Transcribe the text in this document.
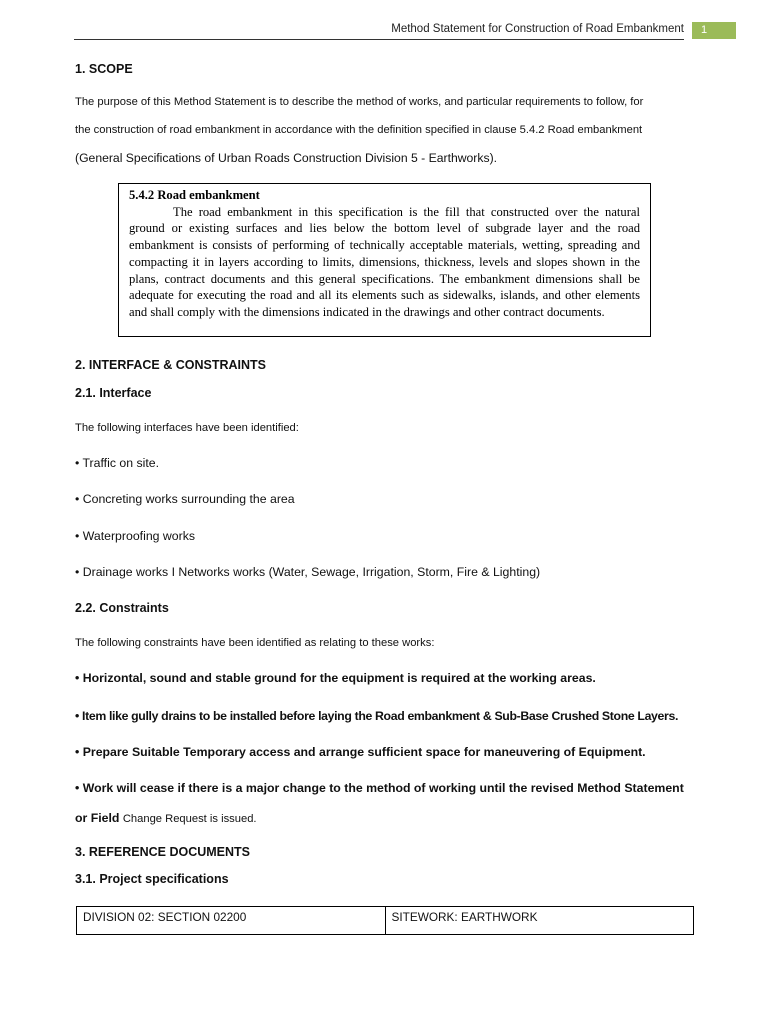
Method Statement for Construction of Road Embankment	1
1. SCOPE
The purpose of this Method Statement is to describe the method of works, and particular requirements to follow, for
the construction of road embankment in accordance with the definition specified in clause 5.4.2 Road embankment
(General Specifications of Urban Roads Construction Division 5 - Earthworks).
5.4.2 Road embankment
The road embankment in this specification is the fill that constructed over the natural ground or existing surfaces and lies below the bottom level of subgrade layer and the road embankment is consists of performing of technically acceptable materials, wetting, spreading and compacting it in layers according to limits, dimensions, thickness, levels and slopes shown in the plans, contract documents and this general specifications. The embankment dimensions shall be adequate for executing the road and all its elements such as sidewalks, islands, and other elements and shall comply with the dimensions indicated in the drawings and other contract documents.
2. INTERFACE & CONSTRAINTS
2.1. Interface
The following interfaces have been identified:
• Traffic on site.
• Concreting works surrounding the area
• Waterproofing works
• Drainage works I Networks works (Water, Sewage, Irrigation, Storm, Fire & Lighting)
2.2. Constraints
The following constraints have been identified as relating to these works:
• Horizontal, sound and stable ground for the equipment is required at the working areas.
• Item like gully drains to be installed before laying the Road embankment & Sub-Base Crushed Stone Layers.
• Prepare Suitable Temporary access and arrange sufficient space for maneuvering of Equipment.
• Work will cease if there is a major change to the method of working until the revised Method Statement
or Field Change Request is issued.
3. REFERENCE DOCUMENTS
3.1. Project specifications
DIVISION 02: SECTION 02200	SITEWORK: EARTHWORK
